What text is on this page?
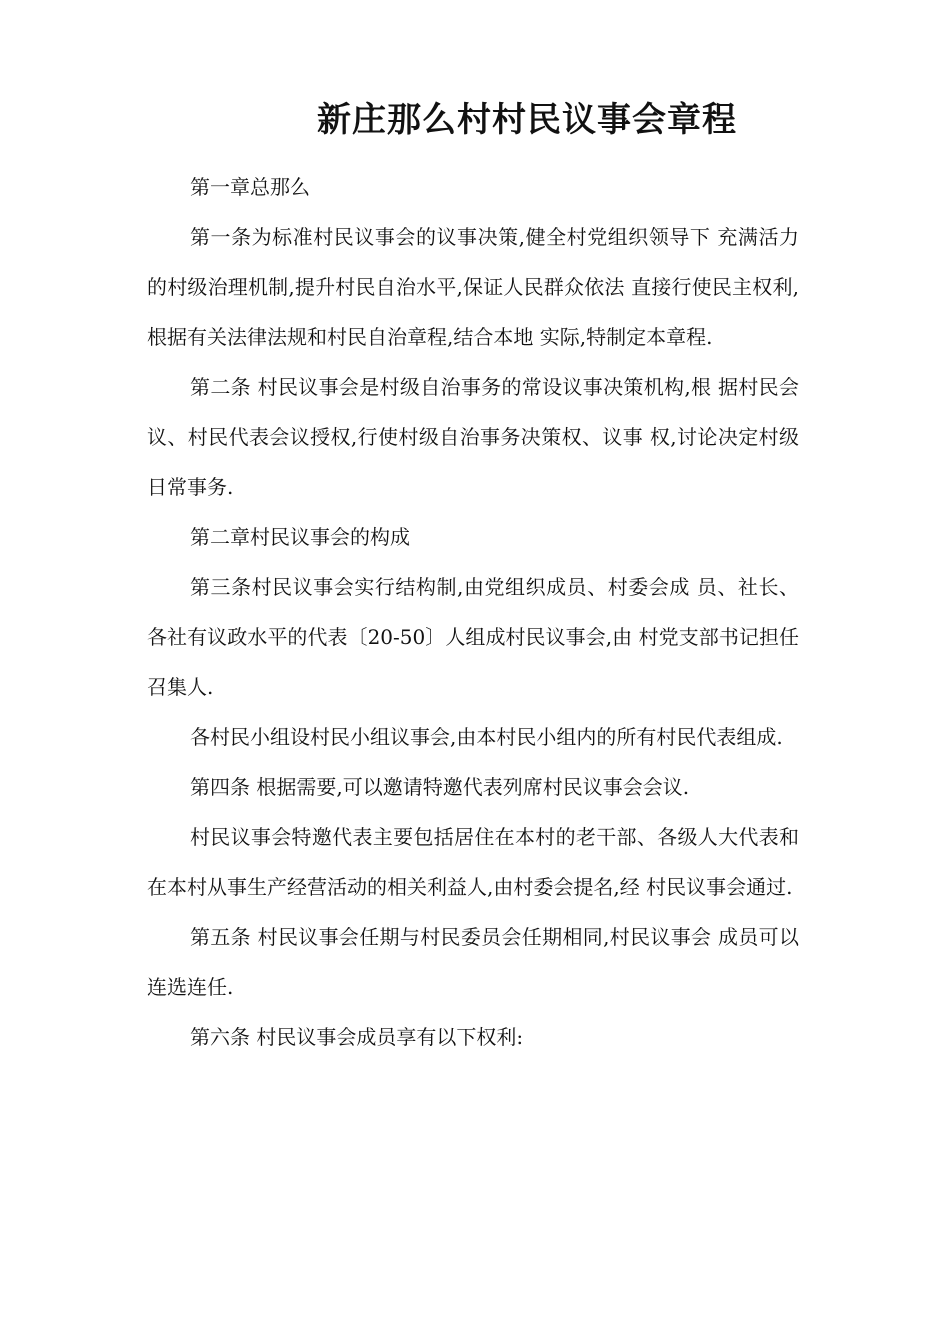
新庄那么村村民议事会章程

第一章总那么

第一条为标准村民议事会的议事决策,健全村党组织领导下 充满活力的村级治理机制,提升村民自治水平,保证人民群众依法 直接行使民主权利,根据有关法律法规和村民自治章程,结合本地 实际,特制定本章程.

第二条 村民议事会是村级自治事务的常设议事决策机构,根 据村民会议、村民代表会议授权,行使村级自治事务决策权、议事 权,讨论决定村级日常事务.

第二章村民议事会的构成

第三条村民议事会实行结构制,由党组织成员、村委会成 员、社长、各社有议政水平的代表〔20-50〕人组成村民议事会,由 村党支部书记担任召集人.

各村民小组设村民小组议事会,由本村民小组内的所有村民代表组成.

第四条 根据需要,可以邀请特邀代表列席村民议事会会议.

村民议事会特邀代表主要包括居住在本村的老干部、各级人大代表和在本村从事生产经营活动的相关利益人,由村委会提名,经 村民议事会通过.

第五条 村民议事会任期与村民委员会任期相同,村民议事会 成员可以连选连任.

第六条 村民议事会成员享有以下权利:
